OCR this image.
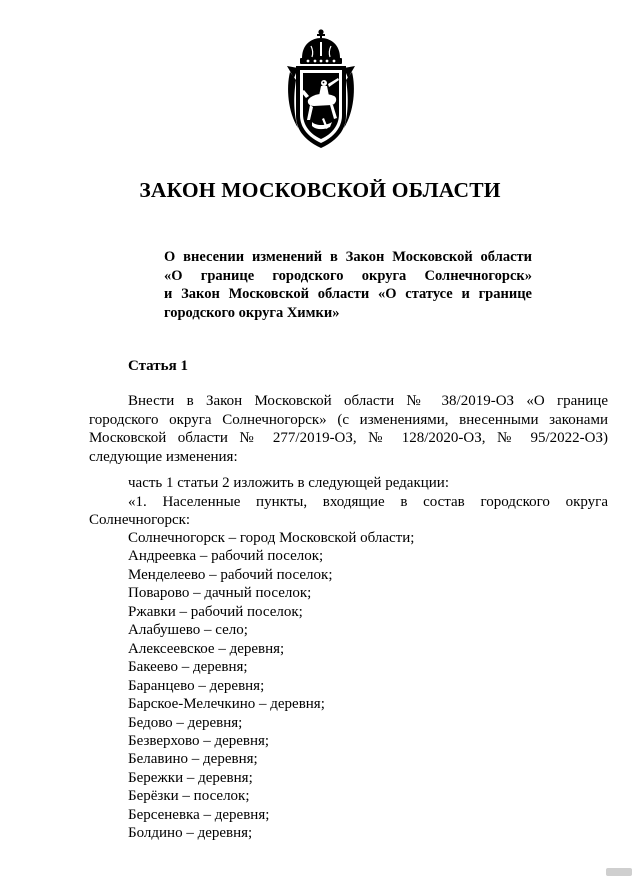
ЗАКОН МОСКОВСКОЙ ОБЛАСТИ
О внесении изменений в Закон Московской области
«О границе городского округа Солнечногорск»
и Закон Московской области «О статусе и границе
городского округа Химки»
Статья 1
Внести в Закон Московской области № 38/2019-ОЗ «О границе
городского округа Солнечногорск» (с изменениями, внесенными законами
Московской области № 277/2019-ОЗ, № 128/2020-ОЗ, № 95/2022-ОЗ)
следующие изменения:
часть 1 статьи 2 изложить в следующей редакции:
«1. Населенные пункты, входящие в состав городского округа
Солнечногорск:
Солнечногорск – город Московской области;
Андреевка – рабочий поселок;
Менделеево – рабочий поселок;
Поварово – дачный поселок;
Ржавки – рабочий поселок;
Алабушево – село;
Алексеевское – деревня;
Бакеево – деревня;
Баранцево – деревня;
Барское-Мелечкино – деревня;
Бедово – деревня;
Безверхово – деревня;
Белавино – деревня;
Бережки – деревня;
Берёзки – поселок;
Берсеневка – деревня;
Болдино – деревня;
